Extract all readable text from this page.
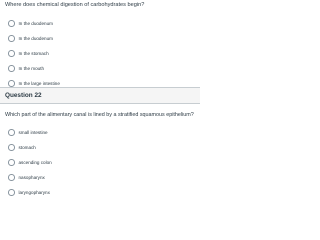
Where does chemical digestion of carbohydrates begin?
In the duodenum
In the duodenum
In the stomach
In the mouth
In the large intestine
Question 22
Which part of the alimentary canal is lined by a stratified squamous epithelium?
small intestine
stomach
ascending colon
nasopharynx
laryngopharynx
